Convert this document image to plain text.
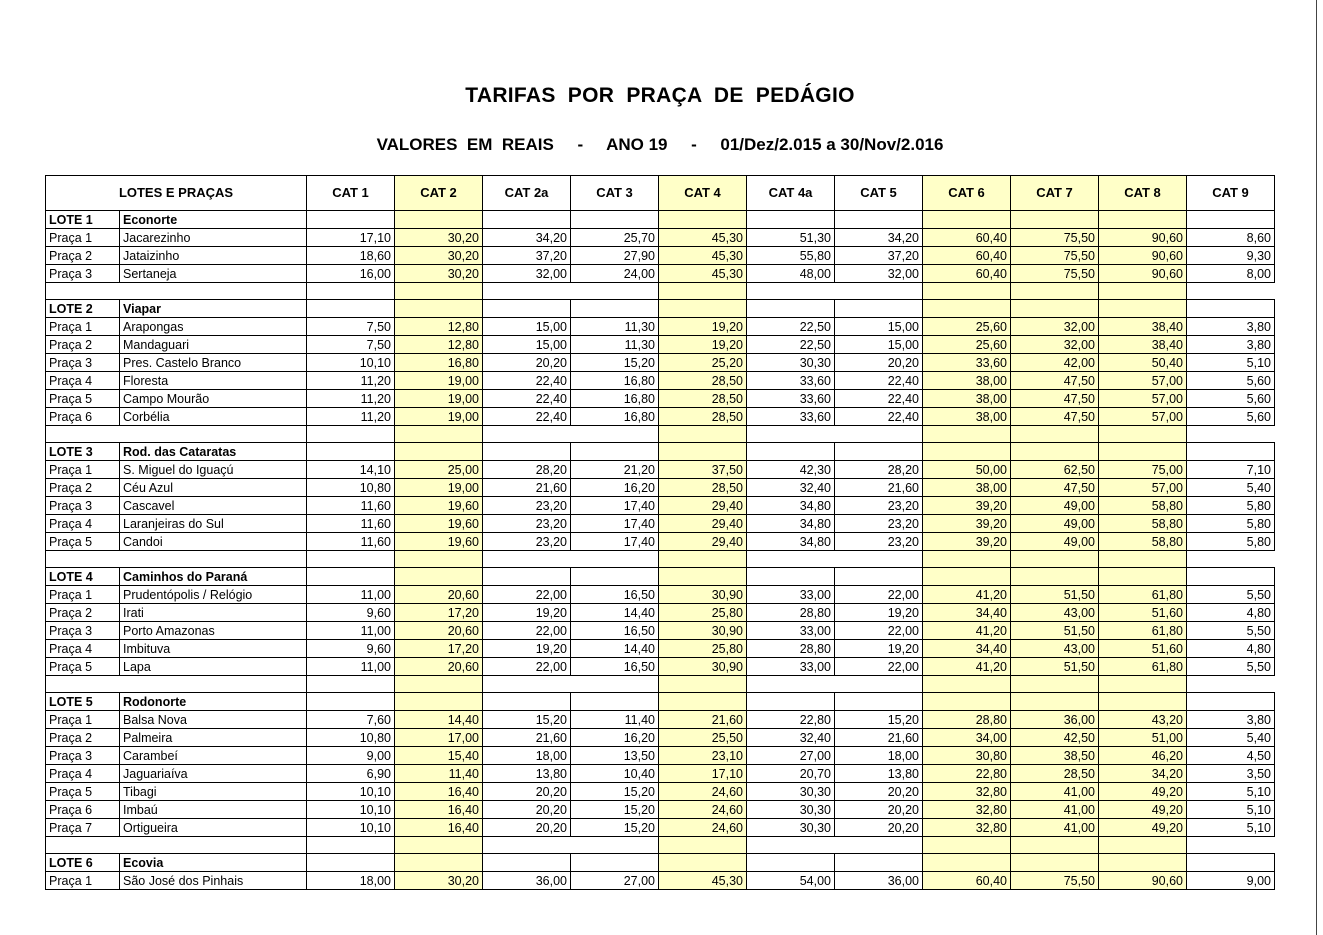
TARIFAS POR PRAÇA DE PEDÁGIO
VALORES  EM  REAIS     -     ANO 19     -     01/Dez/2.015 a 30/Nov/2.016
LOTES E PRAÇAS		CAT 1	CAT 2	CAT 2a	CAT 3	CAT 4	CAT 4a	CAT 5	CAT 6	CAT 7	CAT 8	CAT 9
LOTE 1	Econorte											
Praça 1	Jacarezinho	17,10	30,20	34,20	25,70	45,30	51,30	34,20	60,40	75,50	90,60	8,60
Praça 2	Jataizinho	18,60	30,20	37,20	27,90	45,30	55,80	37,20	60,40	75,50	90,60	9,30
Praça 3	Sertaneja	16,00	30,20	32,00	24,00	45,30	48,00	32,00	60,40	75,50	90,60	8,00

LOTE 2	Viapar											
Praça 1	Arapongas	7,50	12,80	15,00	11,30	19,20	22,50	15,00	25,60	32,00	38,40	3,80
Praça 2	Mandaguari	7,50	12,80	15,00	11,30	19,20	22,50	15,00	25,60	32,00	38,40	3,80
Praça 3	Pres. Castelo Branco	10,10	16,80	20,20	15,20	25,20	30,30	20,20	33,60	42,00	50,40	5,10
Praça 4	Floresta	11,20	19,00	22,40	16,80	28,50	33,60	22,40	38,00	47,50	57,00	5,60
Praça 5	Campo Mourão	11,20	19,00	22,40	16,80	28,50	33,60	22,40	38,00	47,50	57,00	5,60
Praça 6	Corbélia	11,20	19,00	22,40	16,80	28,50	33,60	22,40	38,00	47,50	57,00	5,60

LOTE 3	Rod. das Cataratas											
Praça 1	S. Miguel do Iguaçú	14,10	25,00	28,20	21,20	37,50	42,30	28,20	50,00	62,50	75,00	7,10
Praça 2	Céu Azul	10,80	19,00	21,60	16,20	28,50	32,40	21,60	38,00	47,50	57,00	5,40
Praça 3	Cascavel	11,60	19,60	23,20	17,40	29,40	34,80	23,20	39,20	49,00	58,80	5,80
Praça 4	Laranjeiras do Sul	11,60	19,60	23,20	17,40	29,40	34,80	23,20	39,20	49,00	58,80	5,80
Praça 5	Candoi	11,60	19,60	23,20	17,40	29,40	34,80	23,20	39,20	49,00	58,80	5,80

LOTE 4	Caminhos do Paraná											
Praça 1	Prudentópolis / Relógio	11,00	20,60	22,00	16,50	30,90	33,00	22,00	41,20	51,50	61,80	5,50
Praça 2	Irati	9,60	17,20	19,20	14,40	25,80	28,80	19,20	34,40	43,00	51,60	4,80
Praça 3	Porto Amazonas	11,00	20,60	22,00	16,50	30,90	33,00	22,00	41,20	51,50	61,80	5,50
Praça 4	Imbituva	9,60	17,20	19,20	14,40	25,80	28,80	19,20	34,40	43,00	51,60	4,80
Praça 5	Lapa	11,00	20,60	22,00	16,50	30,90	33,00	22,00	41,20	51,50	61,80	5,50

LOTE 5	Rodonorte											
Praça 1	Balsa Nova	7,60	14,40	15,20	11,40	21,60	22,80	15,20	28,80	36,00	43,20	3,80
Praça 2	Palmeira	10,80	17,00	21,60	16,20	25,50	32,40	21,60	34,00	42,50	51,00	5,40
Praça 3	Carambeí	9,00	15,40	18,00	13,50	23,10	27,00	18,00	30,80	38,50	46,20	4,50
Praça 4	Jaguariaíva	6,90	11,40	13,80	10,40	17,10	20,70	13,80	22,80	28,50	34,20	3,50
Praça 5	Tibagi	10,10	16,40	20,20	15,20	24,60	30,30	20,20	32,80	41,00	49,20	5,10
Praça 6	Imbaú	10,10	16,40	20,20	15,20	24,60	30,30	20,20	32,80	41,00	49,20	5,10
Praça 7	Ortigueira	10,10	16,40	20,20	15,20	24,60	30,30	20,20	32,80	41,00	49,20	5,10

LOTE 6	Ecovia											
Praça 1	São José dos Pinhais	18,00	30,20	36,00	27,00	45,30	54,00	36,00	60,40	75,50	90,60	9,00
